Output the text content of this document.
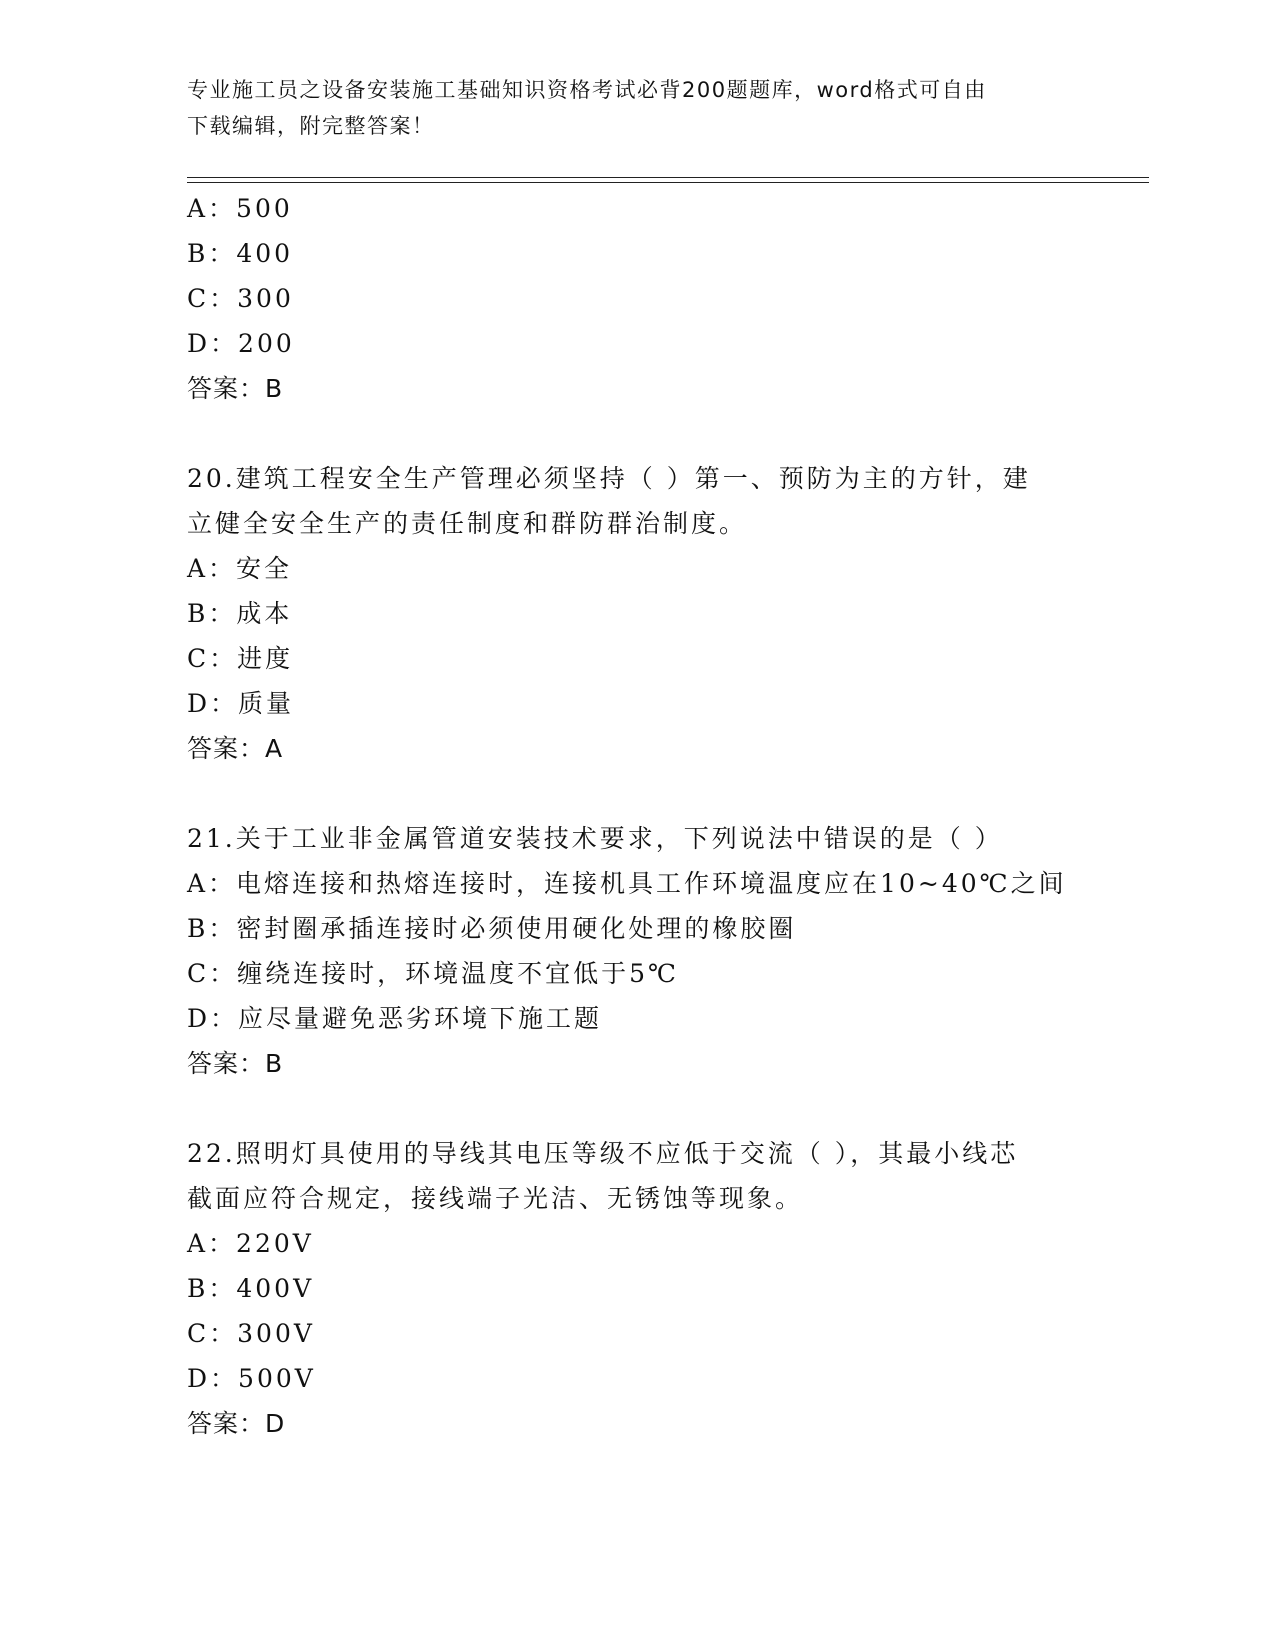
专业施工员之设备安装施工基础知识资格考试必背200题题库，word格式可自由
下载编辑，附完整答案！
A：500
B：400
C：300
D：200
答案：B
20.建筑工程安全生产管理必须坚持（ ）第一、预防为主的方针，建
立健全安全生产的责任制度和群防群治制度。
A：安全
B：成本
C：进度
D：质量
答案：A
21.关于工业非金属管道安装技术要求，下列说法中错误的是（ ）
A：电熔连接和热熔连接时，连接机具工作环境温度应在10~40℃之间
B：密封圈承插连接时必须使用硬化处理的橡胶圈
C：缠绕连接时，环境温度不宜低于5℃
D：应尽量避免恶劣环境下施工题
答案：B
22.照明灯具使用的导线其电压等级不应低于交流（ ），其最小线芯
截面应符合规定，接线端子光洁、无锈蚀等现象。
A：220V
B：400V
C：300V
D：500V
答案：D
